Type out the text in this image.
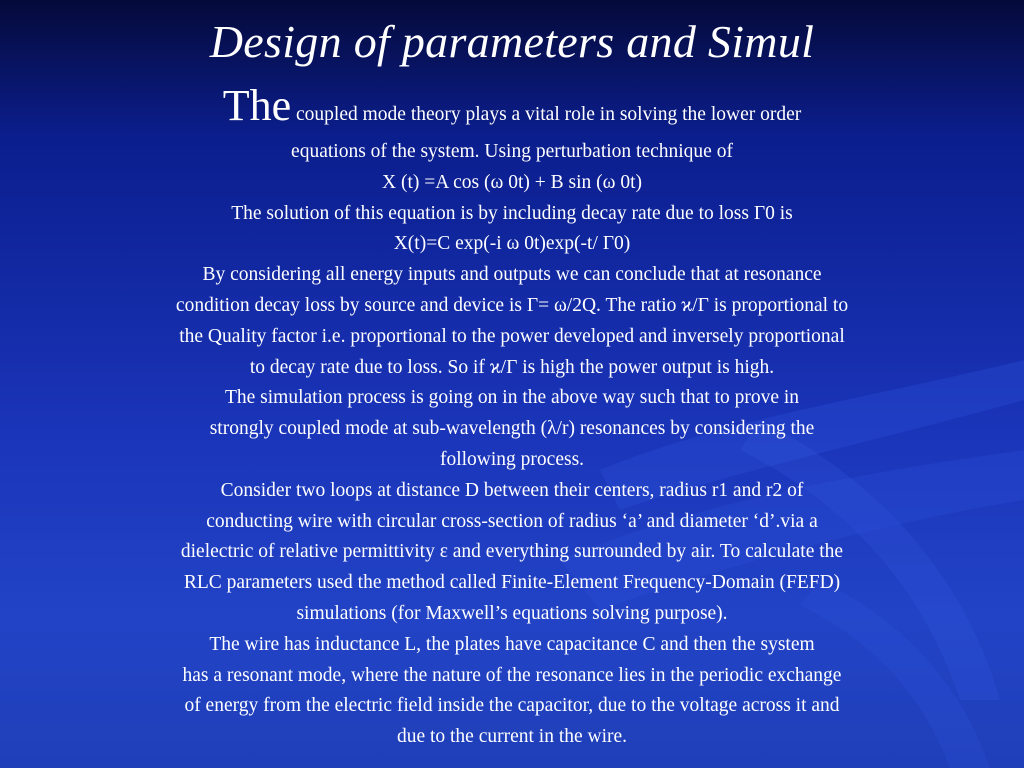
Design of parameters and Simul
The coupled mode theory plays a vital role in solving the lower order
equations of the system. Using perturbation technique of
X (t) =A cos (ω 0t) + B sin (ω 0t)
The solution of this equation is by including decay rate due to loss Γ0 is
X(t)=C exp(-i ω 0t)exp(-t/ Γ0)
By considering all energy inputs and outputs we can conclude that at resonance
condition decay loss by source and device is Γ= ω/2Q. The ratio ϰ/Γ is proportional to
the Quality factor i.e. proportional to the power developed and inversely proportional
to decay rate due to loss. So if ϰ/Γ is high the power output is high.
The simulation process is going on in the above way such that to prove in
strongly coupled mode at sub-wavelength (λ/r) resonances by considering the
following process.
Consider two loops at distance D between their centers, radius r1 and r2 of
conducting wire with circular cross-section of radius ‘a’ and diameter ‘d’.via a
dielectric of relative permittivity ε and everything surrounded by air. To calculate the
RLC parameters used the method called Finite-Element Frequency-Domain (FEFD)
simulations (for Maxwell’s equations solving purpose).
The wire has inductance L, the plates have capacitance C and then the system
has a resonant mode, where the nature of the resonance lies in the periodic exchange
of energy from the electric field inside the capacitor, due to the voltage across it and
due to the current in the wire.
